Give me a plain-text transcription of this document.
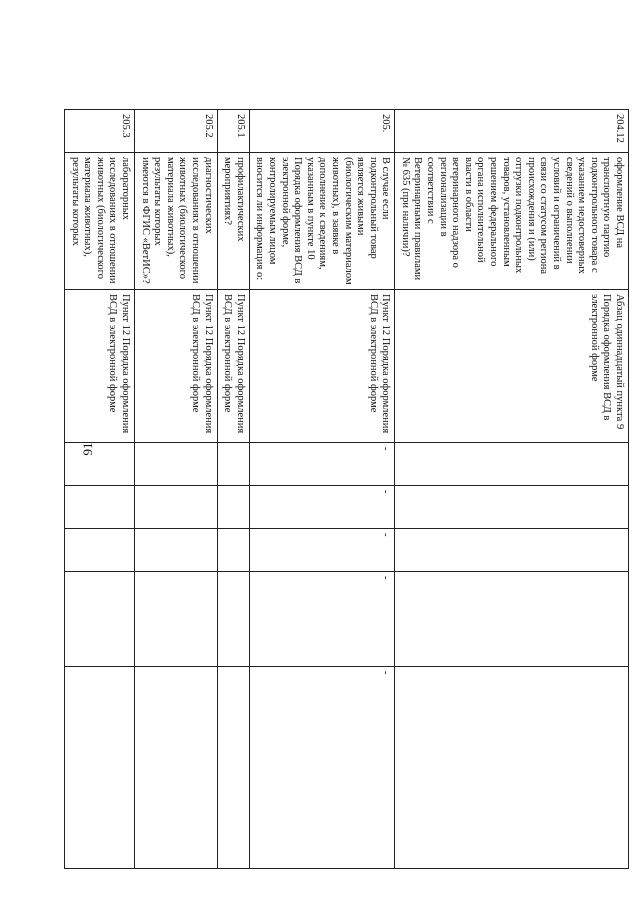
91
204.12	оформление ВСД на транспортную партию подконтрольного товара с указанием недостоверных сведений о выполнении условий и ограничений в связи со статусом региона происхождения и (или) отгрузки подконтрольных товаров, установленным решением федерального органа исполнительной власти в области ветеринарного надзора о регионализации в соответствии с Ветеринарными правилами № 635 (при наличии)?	Абзац одиннадцатый пункта 9 Порядка оформления ВСД в электронной форме					
205.	В случае если подконтрольный товар является живыми (биологическим материалом животных), в заявке в дополнение к сведениям, указанным в пункте 10 Порядка оформления ВСД в электронной форме, контролируемым лицом вносится ли информация о:	Пункт 12 Порядка оформления ВСД в электронной форме	-	-	-	-	-
205.1	профилактических мероприятиях?	Пункт 12 Порядка оформления ВСД в электронной форме					
205.2	диагностических исследованиях в отношении животных (биологического материала животных), результаты которых имеются в ФГИС «ВетИС»?	Пункт 12 Порядка оформления ВСД в электронной форме					
205.3	лабораторных исследованиях в отношении животных (биологического материала животных), результаты которых	Пункт 12 Порядка оформления ВСД в электронной форме					
